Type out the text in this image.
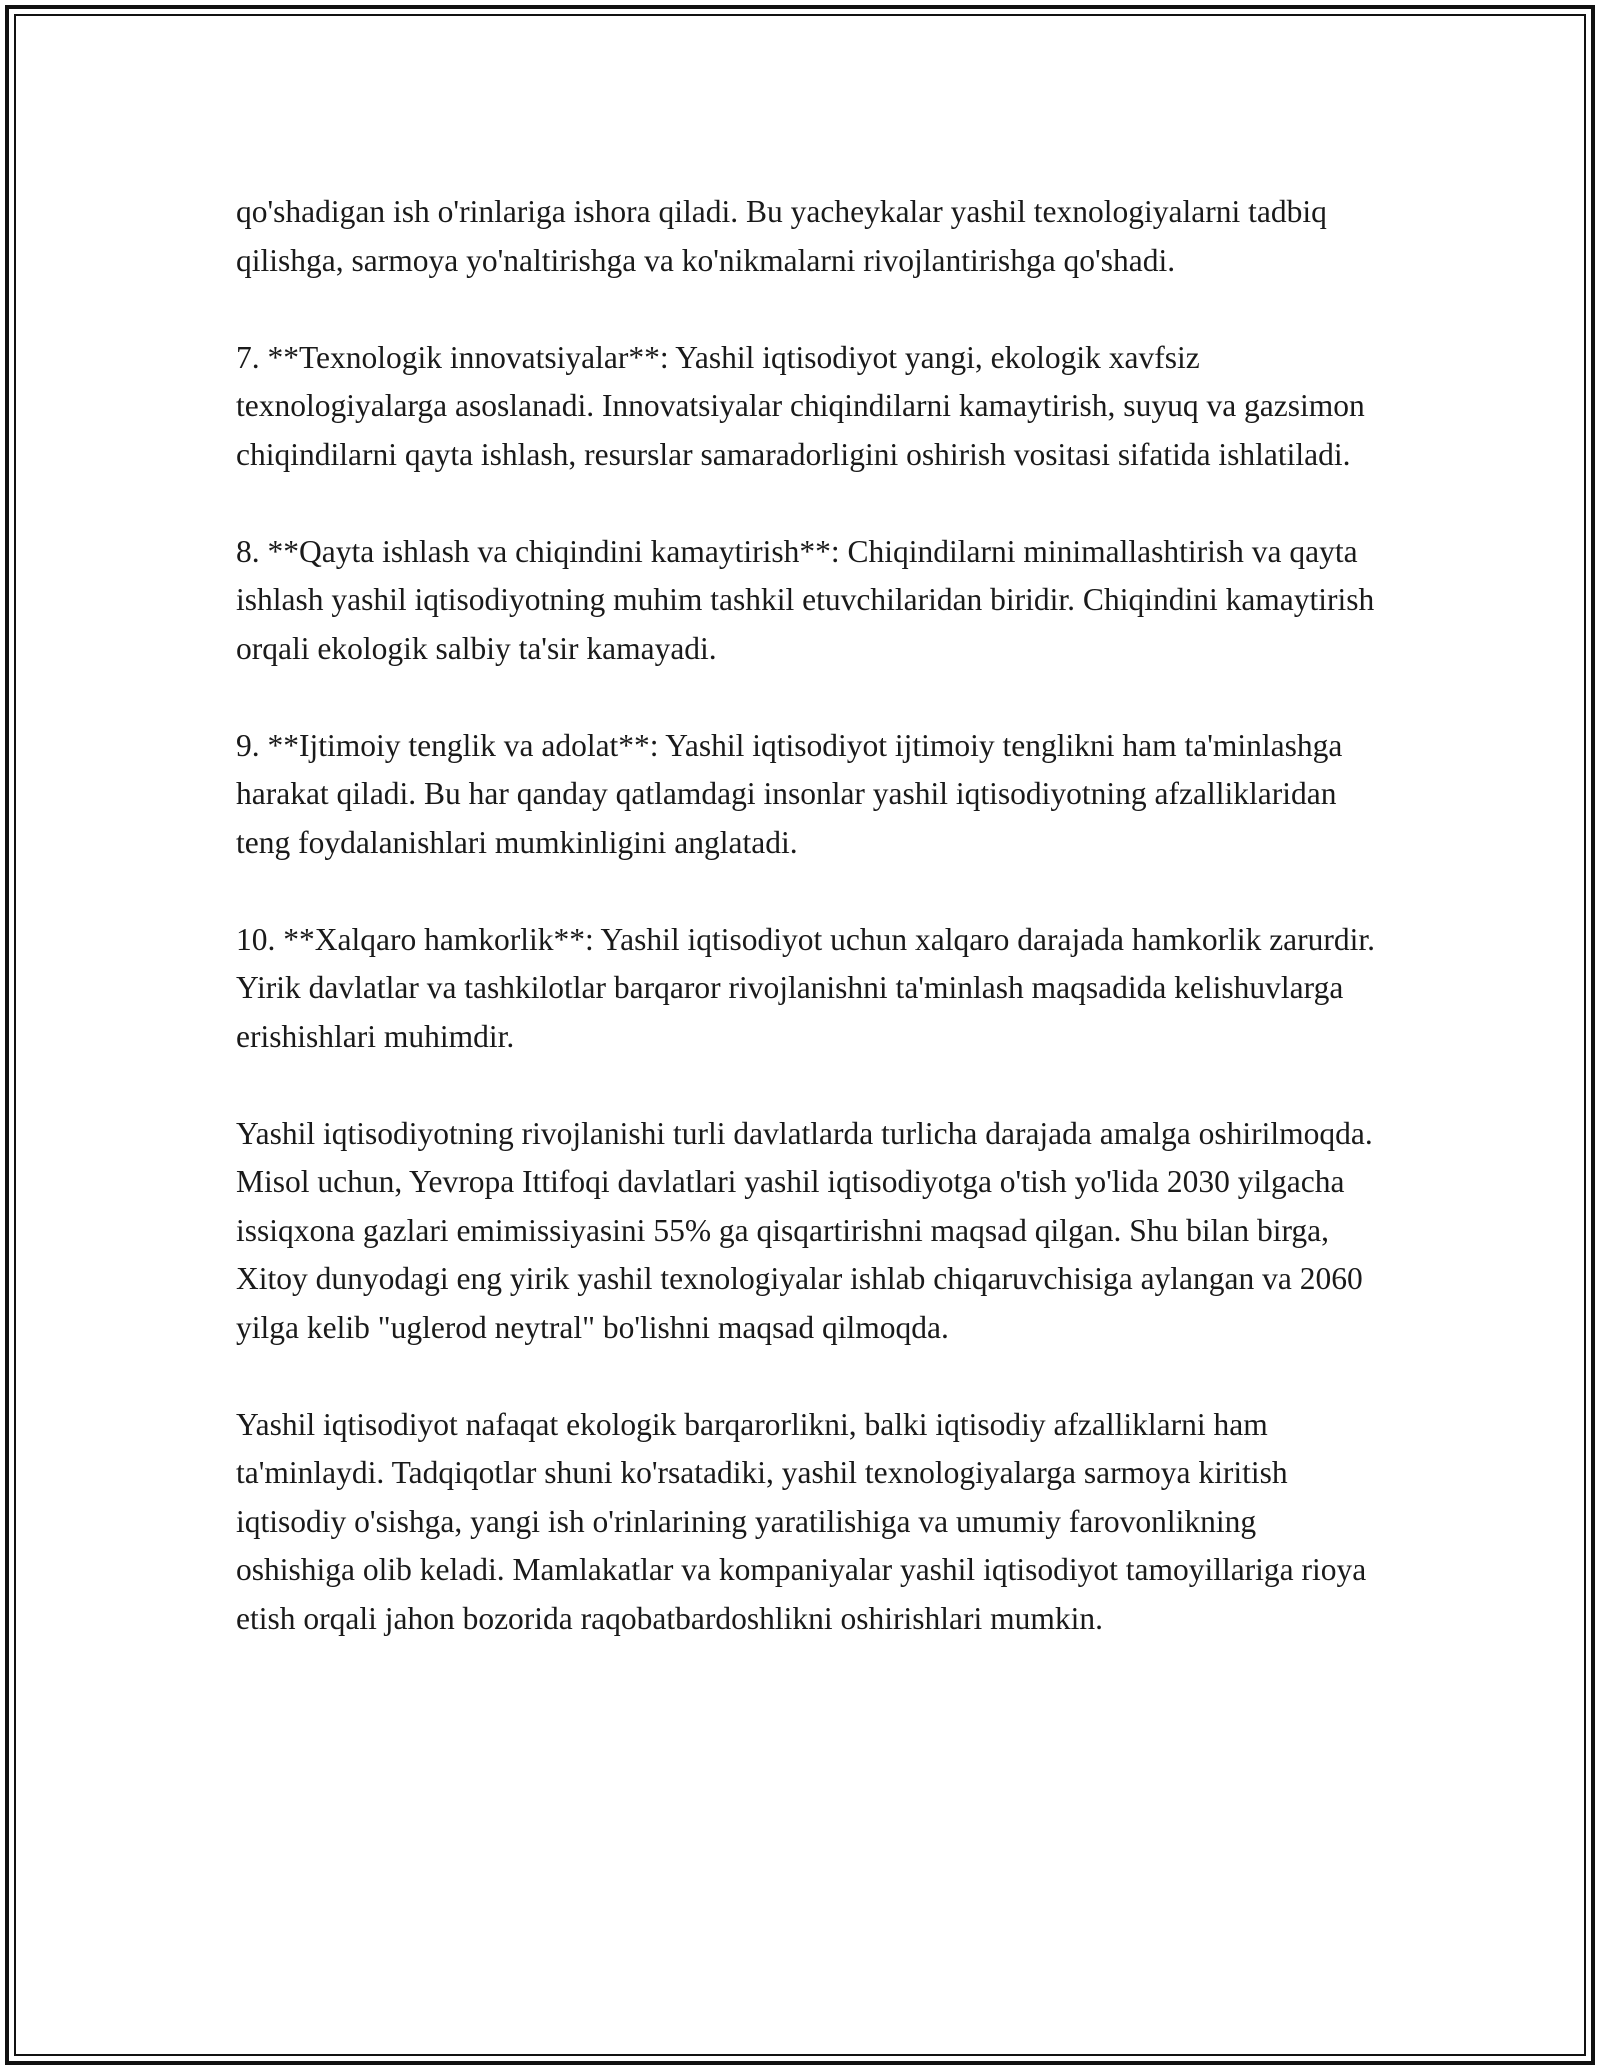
qo'shadigan ish o'rinlariga ishora qiladi. Bu yacheykalar yashil texnologiyalarni tadbiq qilishga, sarmoya yo'naltirishga va ko'nikmalarni rivojlantirishga qo'shadi.

7. **Texnologik innovatsiyalar**: Yashil iqtisodiyot yangi, ekologik xavfsiz texnologiyalarga asoslanadi. Innovatsiyalar chiqindilarni kamaytirish, suyuq va gazsimon chiqindilarni qayta ishlash, resurslar samaradorligini oshirish vositasi sifatida ishlatiladi.

8. **Qayta ishlash va chiqindini kamaytirish**: Chiqindilarni minimallashtirish va qayta ishlash yashil iqtisodiyotning muhim tashkil etuvchilaridan biridir. Chiqindini kamaytirish orqali ekologik salbiy ta'sir kamayadi.

9. **Ijtimoiy tenglik va adolat**: Yashil iqtisodiyot ijtimoiy tenglikni ham ta'minlashga harakat qiladi. Bu har qanday qatlamdagi insonlar yashil iqtisodiyotning afzalliklaridan teng foydalanishlari mumkinligini anglatadi.

10. **Xalqaro hamkorlik**: Yashil iqtisodiyot uchun xalqaro darajada hamkorlik zarurdir. Yirik davlatlar va tashkilotlar barqaror rivojlanishni ta'minlash maqsadida kelishuvlarga erishishlari muhimdir.

Yashil iqtisodiyotning rivojlanishi turli davlatlarda turlicha darajada amalga oshirilmoqda. Misol uchun, Yevropa Ittifoqi davlatlari yashil iqtisodiyotga o'tish yo'lida 2030 yilgacha issiqxona gazlari emimissiyasini 55% ga qisqartirishni maqsad qilgan. Shu bilan birga, Xitoy dunyodagi eng yirik yashil texnologiyalar ishlab chiqaruvchisiga aylangan va 2060 yilga kelib "uglerod neytral" bo'lishni maqsad qilmoqda.

Yashil iqtisodiyot nafaqat ekologik barqarorlikni, balki iqtisodiy afzalliklarni ham ta'minlaydi. Tadqiqotlar shuni ko'rsatadiki, yashil texnologiyalarga sarmoya kiritish iqtisodiy o'sishga, yangi ish o'rinlarining yaratilishiga va umumiy farovonlikning oshishiga olib keladi. Mamlakatlar va kompaniyalar yashil iqtisodiyot tamoyillariga rioya etish orqali jahon bozorida raqobatbardoshlikni oshirishlari mumkin.
